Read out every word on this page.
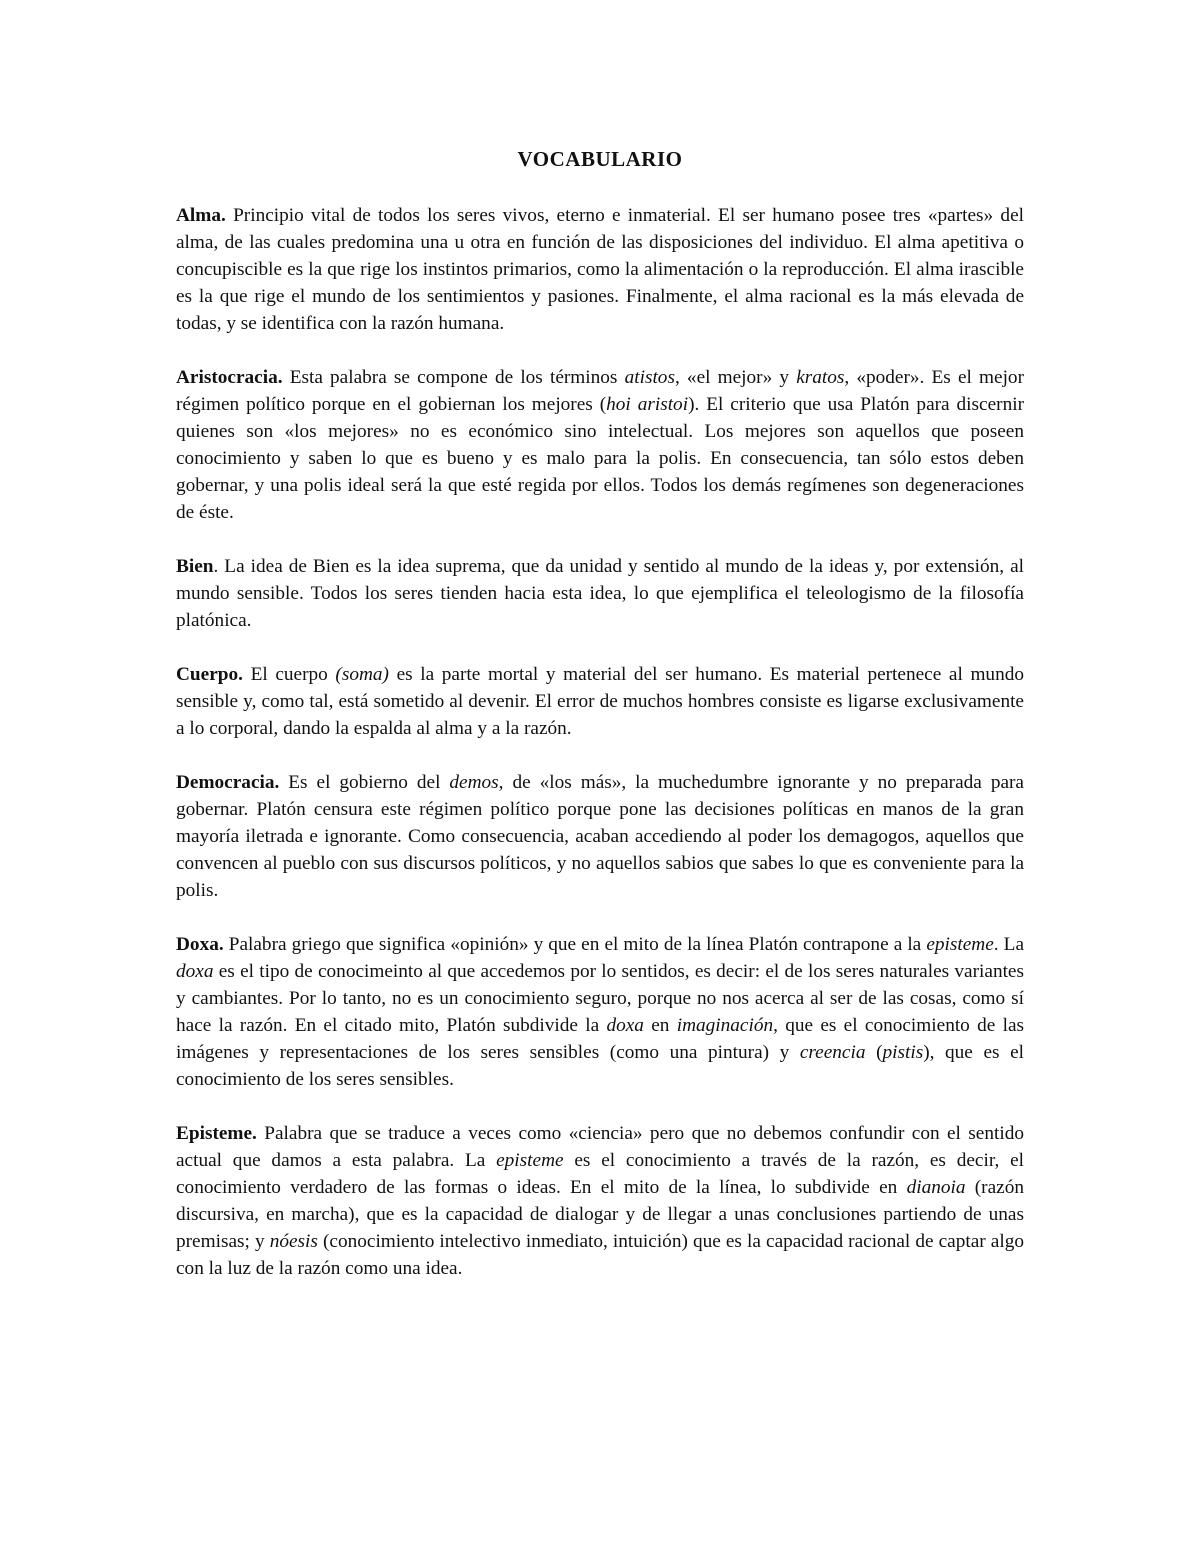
VOCABULARIO

Alma. Principio vital de todos los seres vivos, eterno e inmaterial. El ser humano posee tres «partes» del alma, de las cuales predomina una u otra en función de las disposiciones del individuo. El alma apetitiva o concupiscible es la que rige los instintos primarios, como la alimentación o la reproducción. El alma irascible es la que rige el mundo de los sentimientos y pasiones. Finalmente, el alma racional es la más elevada de todas, y se identifica con la razón humana.

Aristocracia. Esta palabra se compone de los términos atistos, «el mejor» y kratos, «poder». Es el mejor régimen político porque en el gobiernan los mejores (hoi aristoi). El criterio que usa Platón para discernir quienes son «los mejores» no es económico sino intelectual. Los mejores son aquellos que poseen conocimiento y saben lo que es bueno y es malo para la polis. En consecuencia, tan sólo estos deben gobernar, y una polis ideal será la que esté regida por ellos. Todos los demás regímenes son degeneraciones de éste.

Bien. La idea de Bien es la idea suprema, que da unidad y sentido al mundo de la ideas y, por extensión, al mundo sensible. Todos los seres tienden hacia esta idea, lo que ejemplifica el teleologismo de la filosofía platónica.

Cuerpo. El cuerpo (soma) es la parte mortal y material del ser humano. Es material pertenece al mundo sensible y, como tal, está sometido al devenir. El error de muchos hombres consiste es ligarse exclusivamente a lo corporal, dando la espalda al alma y a la razón.

Democracia. Es el gobierno del demos, de «los más», la muchedumbre ignorante y no preparada para gobernar. Platón censura este régimen político porque pone las decisiones políticas en manos de la gran mayoría iletrada e ignorante. Como consecuencia, acaban accediendo al poder los demagogos, aquellos que convencen al pueblo con sus discursos políticos, y no aquellos sabios que sabes lo que es conveniente para la polis.

Doxa. Palabra griego que significa «opinión» y que en el mito de la línea Platón contrapone a la episteme. La doxa es el tipo de conocimeinto al que accedemos por lo sentidos, es decir: el de los seres naturales variantes y cambiantes. Por lo tanto, no es un conocimiento seguro, porque no nos acerca al ser de las cosas, como sí hace la razón. En el citado mito, Platón subdivide la doxa en imaginación, que es el conocimiento de las imágenes y representaciones de los seres sensibles (como una pintura) y creencia (pistis), que es el conocimiento de los seres sensibles.

Episteme. Palabra que se traduce a veces como «ciencia» pero que no debemos confundir con el sentido actual que damos a esta palabra. La episteme es el conocimiento a través de la razón, es decir, el conocimiento verdadero de las formas o ideas. En el mito de la línea, lo subdivide en dianoia (razón discursiva, en marcha), que es la capacidad de dialogar y de llegar a unas conclusiones partiendo de unas premisas; y nóesis (conocimiento intelectivo inmediato, intuición) que es la capacidad racional de captar algo con la luz de la razón como una idea.
